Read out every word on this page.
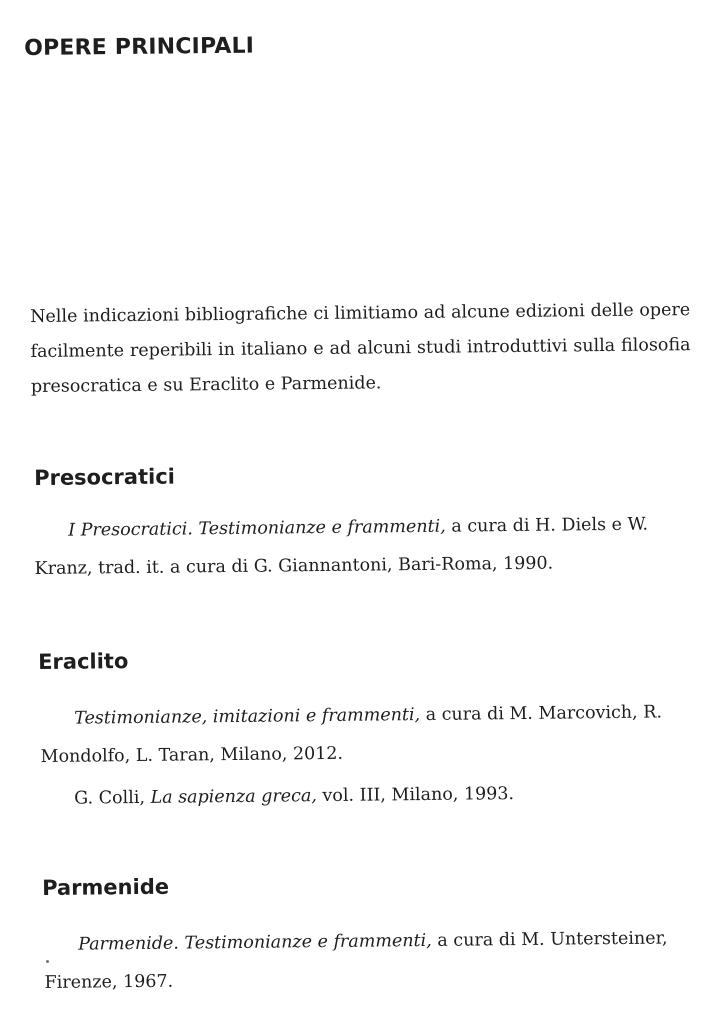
OPERE PRINCIPALI

Nelle indicazioni bibliografiche ci limitiamo ad alcune edizioni delle opere facilmente reperibili in italiano e ad alcuni studi introduttivi sulla filosofia presocratica e su Eraclito e Parmenide.

Presocratici

I Presocratici. Testimonianze e frammenti, a cura di H. Diels e W. Kranz, trad. it. a cura di G. Giannantoni, Bari-Roma, 1990.

Eraclito

Testimonianze, imitazioni e frammenti, a cura di M. Marcovich, R. Mondolfo, L. Taran, Milano, 2012.

G. Colli, La sapienza greca, vol. III, Milano, 1993.

Parmenide

Parmenide. Testimonianze e frammenti, a cura di M. Untersteiner, Firenze, 1967.
